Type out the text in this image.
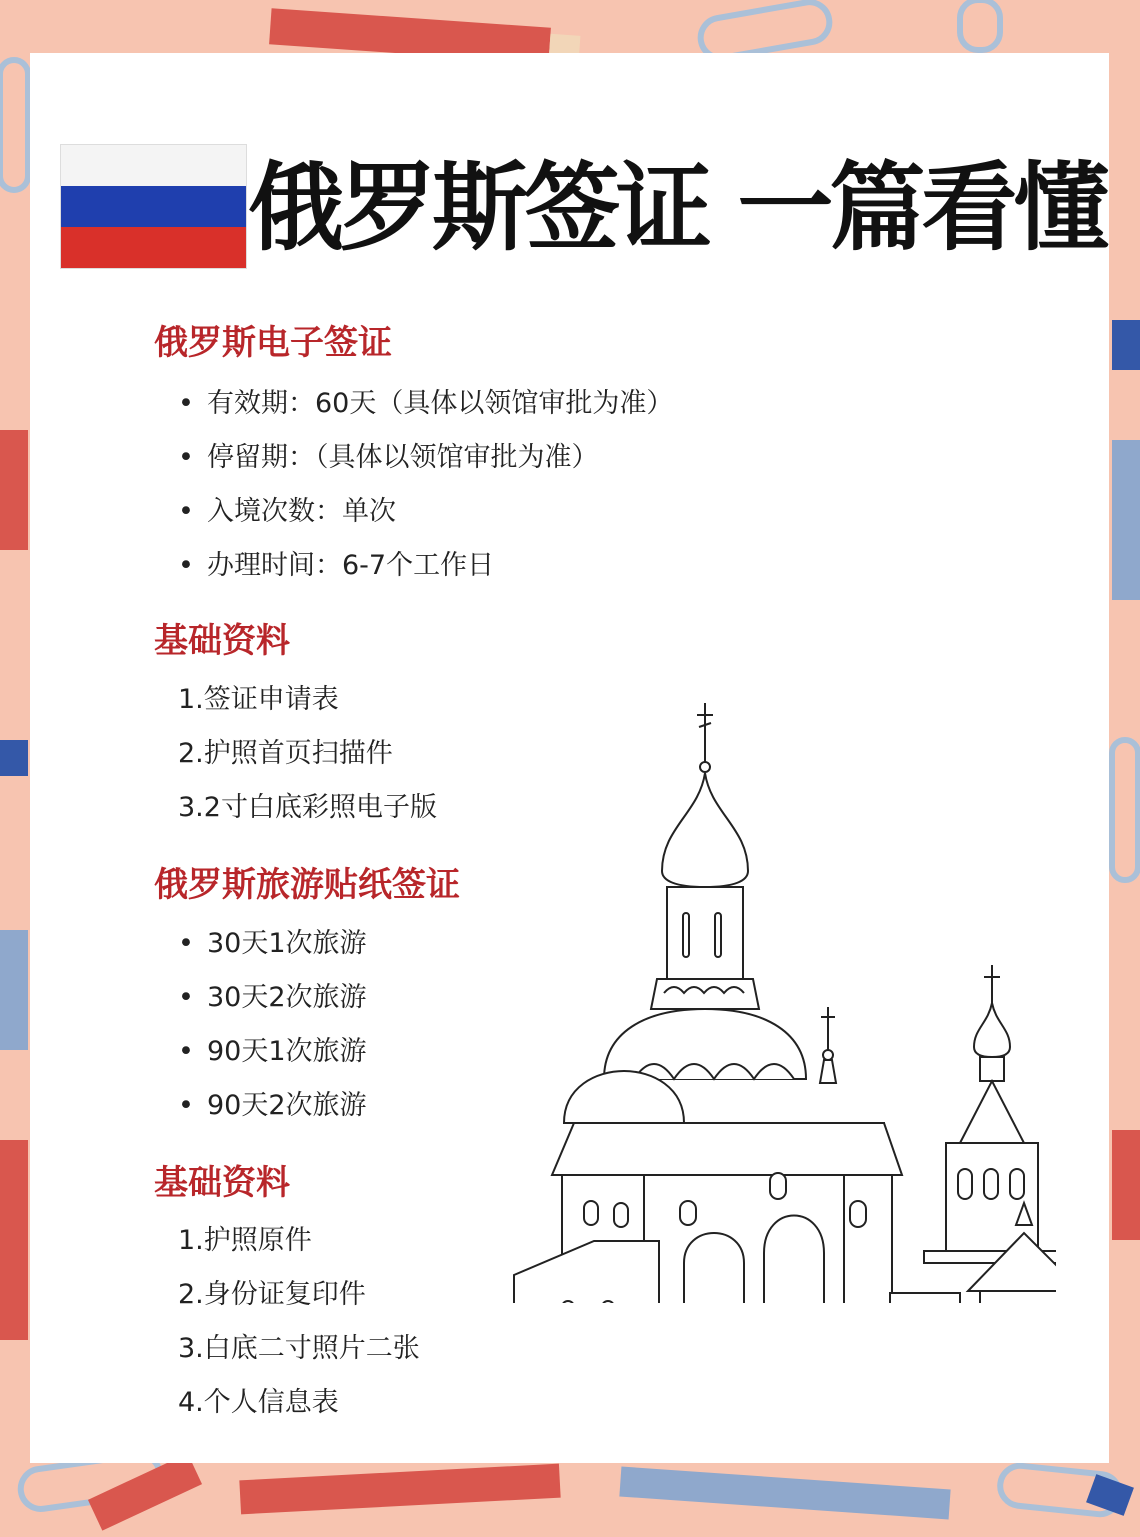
俄罗斯签证 一篇看懂
俄罗斯电子签证
• 有效期：60天（具体以领馆审批为准）
• 停留期：（具体以领馆审批为准）
• 入境次数：单次
• 办理时间：6-7个工作日
基础资料
1.签证申请表
2.护照首页扫描件
3.2寸白底彩照电子版
俄罗斯旅游贴纸签证
• 30天1次旅游
• 30天2次旅游
• 90天1次旅游
• 90天2次旅游
基础资料
1.护照原件
2.身份证复印件
3.白底二寸照片二张
4.个人信息表
